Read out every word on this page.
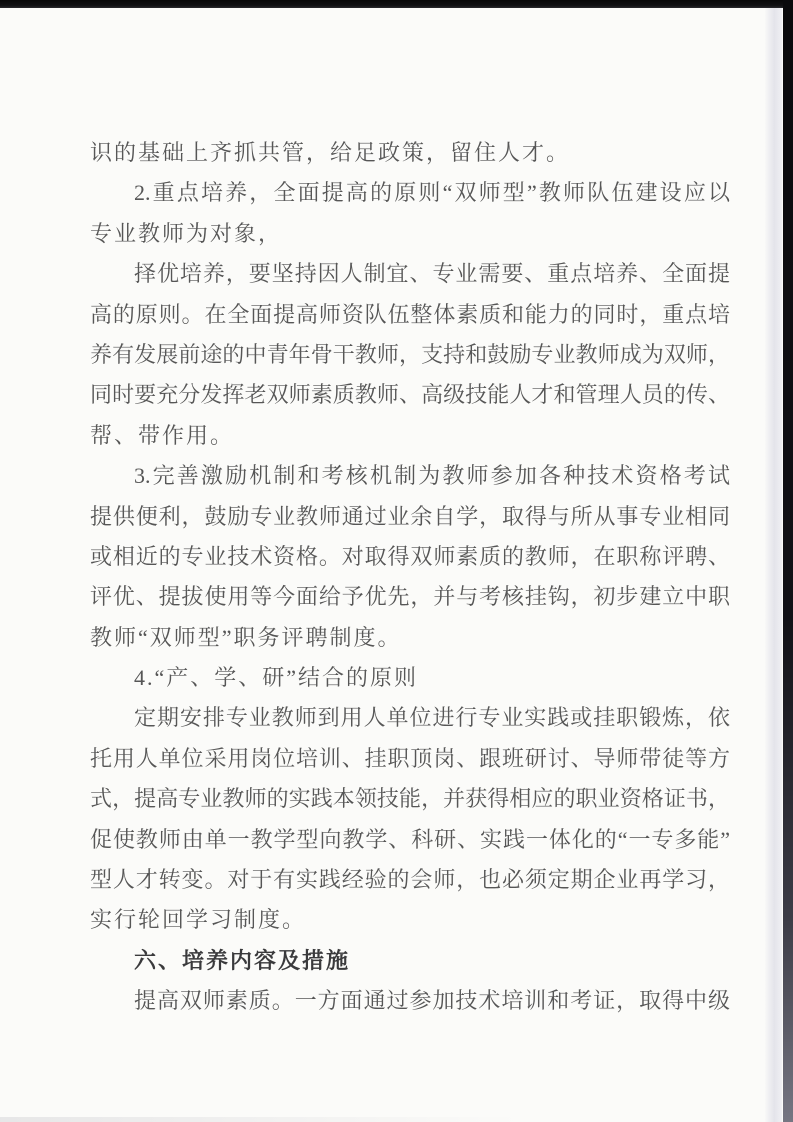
识的基础上齐抓共管，给足政策，留住人才。
2.重点培养，全面提高的原则“双师型”教师队伍建设应以
专业教师为对象，
择优培养，要坚持因人制宜、专业需要、重点培养、全面提
高的原则。在全面提高师资队伍整体素质和能力的同时，重点培
养有发展前途的中青年骨干教师，支持和鼓励专业教师成为双师，
同时要充分发挥老双师素质教师、高级技能人才和管理人员的传、
帮、带作用。
3.完善激励机制和考核机制为教师参加各种技术资格考试
提供便利，鼓励专业教师通过业余自学，取得与所从事专业相同
或相近的专业技术资格。对取得双师素质的教师，在职称评聘、
评优、提拔使用等今面给予优先，并与考核挂钩，初步建立中职
教师“双师型”职务评聘制度。
4.“产、学、研”结合的原则
定期安排专业教师到用人单位进行专业实践或挂职锻炼，依
托用人单位采用岗位培训、挂职顶岗、跟班研讨、导师带徒等方
式，提高专业教师的实践本领技能，并获得相应的职业资格证书，
促使教师由单一教学型向教学、科研、实践一体化的“一专多能”
型人才转变。对于有实践经验的会师，也必须定期企业再学习，
实行轮回学习制度。
六、培养内容及措施
提高双师素质。一方面通过参加技术培训和考证，取得中级
